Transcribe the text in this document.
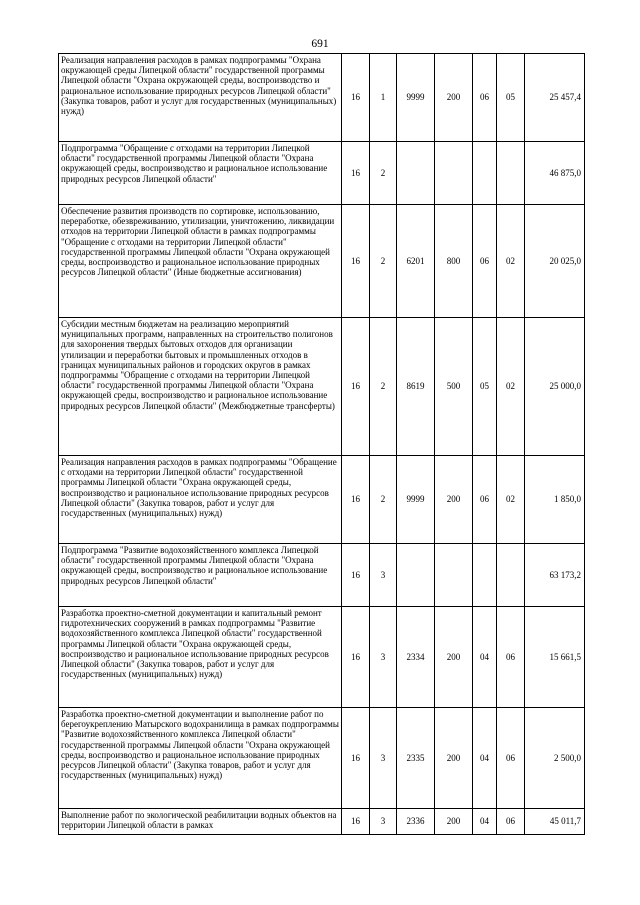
691
Реализация направления расходов в рамках подпрограммы "Охрана окружающей среды Липецкой области" государственной программы Липецкой области "Охрана окружающей среды, воспроизводство и рациональное использование природных ресурсов Липецкой области" (Закупка товаров, работ и услуг для государственных (муниципальных) нужд)	16	1	9999	200	06	05	25 457,4
Подпрограмма "Обращение с отходами на территории Липецкой области" государственной программы Липецкой области "Охрана окружающей среды, воспроизводство и рациональное использование природных ресурсов Липецкой области"	16	2					46 875,0
Обеспечение развития производств по сортировке, использованию, переработке, обезвреживанию, утилизации, уничтожению, ликвидации отходов на территории Липецкой области в рамках подпрограммы "Обращение с отходами на территории Липецкой области" государственной программы Липецкой области "Охрана окружающей среды, воспроизводство и рациональное использование природных ресурсов Липецкой области" (Иные бюджетные ассигнования)	16	2	6201	800	06	02	20 025,0
Субсидии местным бюджетам на реализацию мероприятий муниципальных программ, направленных на строительство полигонов для захоронения твердых бытовых отходов для организации утилизации и переработки бытовых и промышленных отходов в границах муниципальных районов и городских округов в рамках подпрограммы "Обращение с отходами на территории Липецкой области" государственной программы Липецкой области "Охрана окружающей среды, воспроизводство и рациональное использование природных ресурсов Липецкой области" (Межбюджетные трансферты)	16	2	8619	500	05	02	25 000,0
Реализация направления расходов в рамках подпрограммы "Обращение с отходами на территории Липецкой области" государственной программы Липецкой области "Охрана окружающей среды, воспроизводство и рациональное использование природных ресурсов Липецкой области" (Закупка товаров, работ и услуг для государственных (муниципальных) нужд)	16	2	9999	200	06	02	1 850,0
Подпрограмма "Развитие водохозяйственного комплекса Липецкой области" государственной программы Липецкой области "Охрана окружающей среды, воспроизводство и рациональное использование природных ресурсов Липецкой области"	16	3					63 173,2
Разработка проектно-сметной документации и капитальный ремонт гидротехнических сооружений в рамках подпрограммы "Развитие водохозяйственного комплекса Липецкой области" государственной программы Липецкой области "Охрана окружающей среды, воспроизводство и рациональное использование природных ресурсов Липецкой области" (Закупка товаров, работ и услуг для государственных (муниципальных) нужд)	16	3	2334	200	04	06	15 661,5
Разработка проектно-сметной документации и выполнение работ по берегоукреплению Матырского водохранилища в рамках подпрограммы "Развитие водохозяйственного комплекса Липецкой области" государственной программы Липецкой области "Охрана окружающей среды, воспроизводство и рациональное использование природных ресурсов Липецкой области" (Закупка товаров, работ и услуг для государственных (муниципальных) нужд)	16	3	2335	200	04	06	2 500,0
Выполнение работ по экологической реабилитации водных объектов на территории Липецкой области в рамках	16	3	2336	200	04	06	45 011,7
